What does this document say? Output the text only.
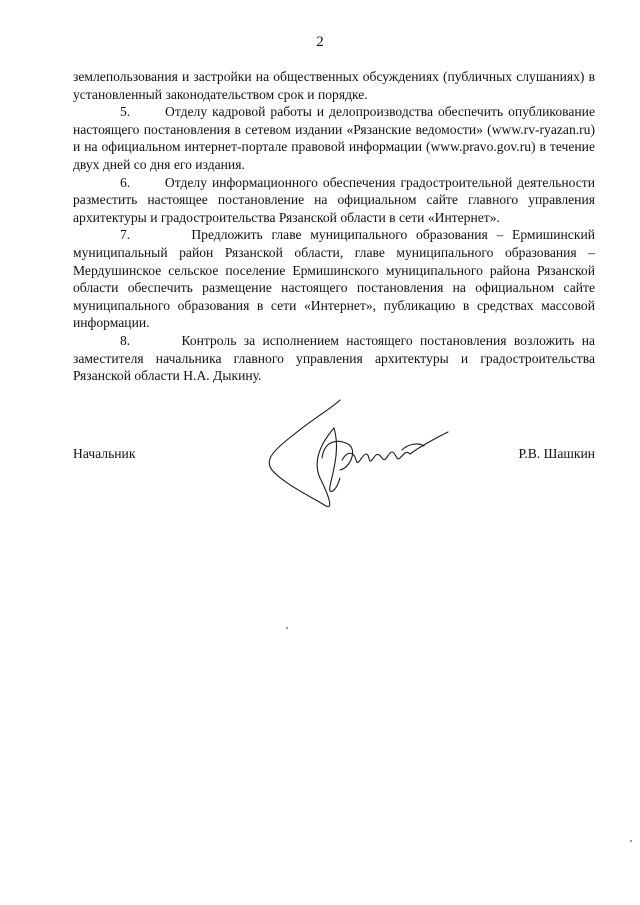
2

землепользования и застройки на общественных обсуждениях (публичных слушаниях) в установленный законодательством срок и порядке.

5.       Отделу кадровой работы и делопроизводства обеспечить опубликование настоящего постановления в сетевом издании «Рязанские ведомости» (www.rv-ryazan.ru) и на официальном интернет-портале правовой информации (www.pravo.gov.ru) в течение двух дней со дня его издания.

6.       Отделу информационного обеспечения градостроительной деятельности разместить настоящее постановление на официальном сайте главного управления архитектуры и градостроительства Рязанской области в сети «Интернет».

7.       Предложить главе муниципального образования – Ермишинский муниципальный район Рязанской области, главе муниципального образования – Мердушинское сельское поселение Ермишинского муниципального района Рязанской области обеспечить размещение настоящего постановления на официальном сайте муниципального образования в сети «Интернет», публикацию в средствах массовой информации.

8.       Контроль за исполнением настоящего постановления возложить на заместителя начальника главного управления архитектуры и градостроительства Рязанской области Н.А. Дыкину.

Начальник	Р.В. Шашкин
